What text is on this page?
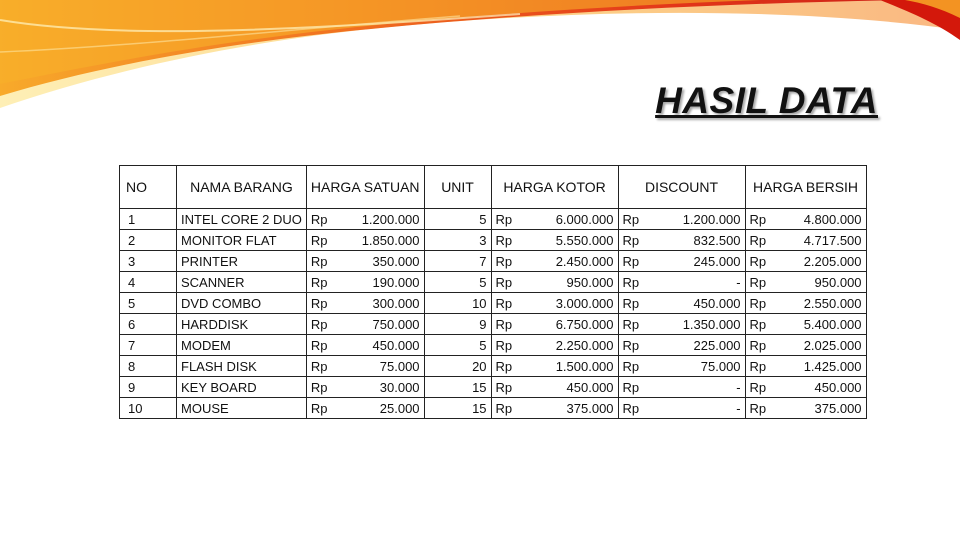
HASIL DATA
NO	NAMA BARANG	HARGA SATUAN		UNIT	HARGA KOTOR		DISCOUNT		HARGA BERSIH	
1	INTEL CORE 2 DUO	Rp	1.200.000	5	Rp	6.000.000	Rp	1.200.000	Rp	4.800.000
2	MONITOR FLAT	Rp	1.850.000	3	Rp	5.550.000	Rp	832.500	Rp	4.717.500
3	PRINTER	Rp	350.000	7	Rp	2.450.000	Rp	245.000	Rp	2.205.000
4	SCANNER	Rp	190.000	5	Rp	950.000	Rp	-	Rp	950.000
5	DVD COMBO	Rp	300.000	10	Rp	3.000.000	Rp	450.000	Rp	2.550.000
6	HARDDISK	Rp	750.000	9	Rp	6.750.000	Rp	1.350.000	Rp	5.400.000
7	MODEM	Rp	450.000	5	Rp	2.250.000	Rp	225.000	Rp	2.025.000
8	FLASH DISK	Rp	75.000	20	Rp	1.500.000	Rp	75.000	Rp	1.425.000
9	KEY BOARD	Rp	30.000	15	Rp	450.000	Rp	-	Rp	450.000
10	MOUSE	Rp	25.000	15	Rp	375.000	Rp	-	Rp	375.000
